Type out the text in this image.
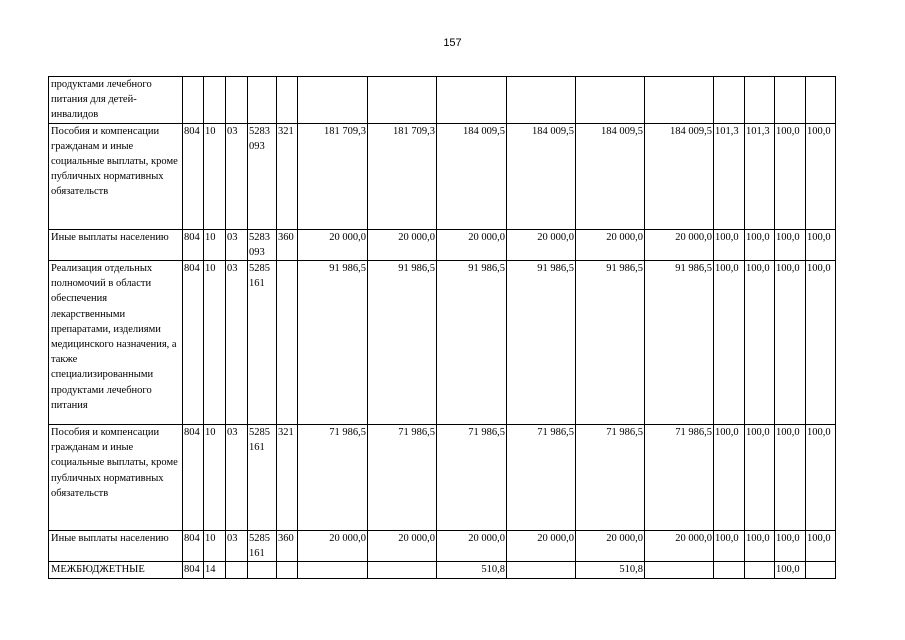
157
продуктами лечебного питания для детей-инвалидов															
Пособия и компенсации гражданам и иные социальные выплаты, кроме публичных нормативных обязательств	804	10	03	5283 093	321	181 709,3	181 709,3	184 009,5	184 009,5	184 009,5	184 009,5	101,3	101,3	100,0	100,0
Иные выплаты населению	804	10	03	5283 093	360	20 000,0	20 000,0	20 000,0	20 000,0	20 000,0	20 000,0	100,0	100,0	100,0	100,0
Реализация отдельных полномочий в области обеспечения лекарственными препаратами, изделиями медицинского назначения, а также специализированными продуктами лечебного питания	804	10	03	5285 161		91 986,5	91 986,5	91 986,5	91 986,5	91 986,5	91 986,5	100,0	100,0	100,0	100,0
Пособия и компенсации гражданам и иные социальные выплаты, кроме публичных нормативных обязательств	804	10	03	5285 161	321	71 986,5	71 986,5	71 986,5	71 986,5	71 986,5	71 986,5	100,0	100,0	100,0	100,0
Иные выплаты населению	804	10	03	5285 161	360	20 000,0	20 000,0	20 000,0	20 000,0	20 000,0	20 000,0	100,0	100,0	100,0	100,0
МЕЖБЮДЖЕТНЫЕ	804	14						510,8		510,8				100,0	
